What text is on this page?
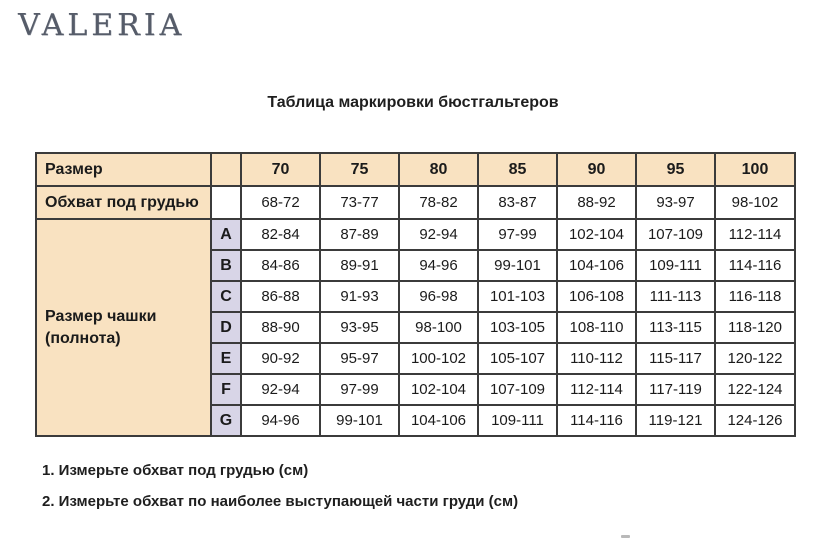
VALERIA
Таблица маркировки бюстгальтеров
Размер		70	75	80	85	90	95	100
Обхват под грудью		68-72	73-77	78-82	83-87	88-92	93-97	98-102
Размер чашки (полнота)	A	82-84	87-89	92-94	97-99	102-104	107-109	112-114
	B	84-86	89-91	94-96	99-101	104-106	109-111	114-116
	C	86-88	91-93	96-98	101-103	106-108	111-113	116-118
	D	88-90	93-95	98-100	103-105	108-110	113-115	118-120
	E	90-92	95-97	100-102	105-107	110-112	115-117	120-122
	F	92-94	97-99	102-104	107-109	112-114	117-119	122-124
	G	94-96	99-101	104-106	109-111	114-116	119-121	124-126

1. Измерьте обхват под грудью (см)

2. Измерьте обхват по наиболее выступающей части груди (см)
